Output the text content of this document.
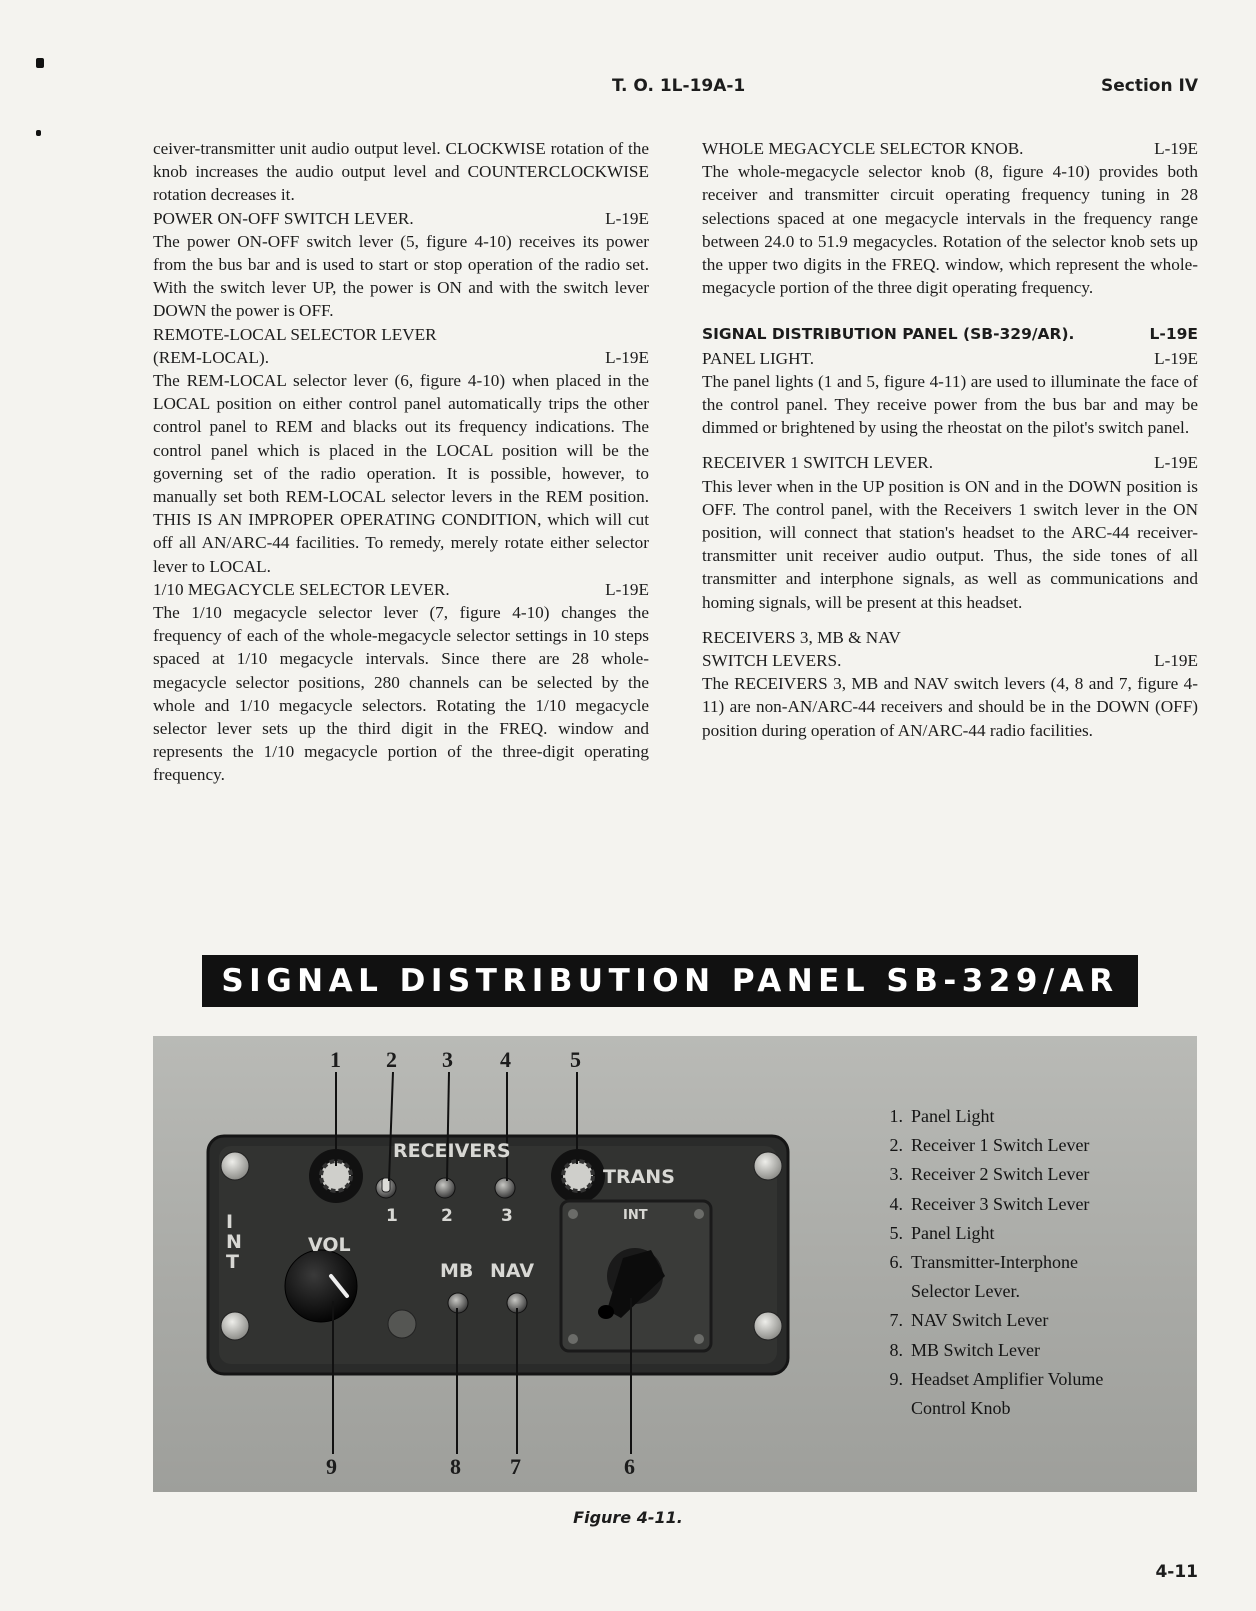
T. O. 1L-19A-1	Section IV

ceiver-transmitter unit audio output level. CLOCKWISE rotation of the knob increases the audio output level and COUNTERCLOCKWISE rotation decreases it.

POWER ON-OFF SWITCH LEVER.	L-19E

The power ON-OFF switch lever (5, figure 4-10) receives its power from the bus bar and is used to start or stop operation of the radio set. With the switch lever UP, the power is ON and with the switch lever DOWN the power is OFF.

REMOTE-LOCAL SELECTOR LEVER
(REM-LOCAL).	L-19E

The REM-LOCAL selector lever (6, figure 4-10) when placed in the LOCAL position on either control panel automatically trips the other control panel to REM and blacks out its frequency indications. The control panel which is placed in the LOCAL position will be the governing set of the radio operation. It is possible, however, to manually set both REM-LOCAL selector levers in the REM position. THIS IS AN IMPROPER OPERATING CONDITION, which will cut off all AN/ARC-44 facilities. To remedy, merely rotate either selector lever to LOCAL.

1/10 MEGACYCLE SELECTOR LEVER.	L-19E

The 1/10 megacycle selector lever (7, figure 4-10) changes the frequency of each of the whole-megacycle selector settings in 10 steps spaced at 1/10 megacycle intervals. Since there are 28 whole-megacycle selector positions, 280 channels can be selected by the whole and 1/10 megacycle selectors. Rotating the 1/10 megacycle selector lever sets up the third digit in the FREQ. window and represents the 1/10 megacycle portion of the three-digit operating frequency.

WHOLE MEGACYCLE SELECTOR KNOB.	L-19E

The whole-megacycle selector knob (8, figure 4-10) provides both receiver and transmitter circuit operating frequency tuning in 28 selections spaced at one megacycle intervals in the frequency range between 24.0 to 51.9 megacycles. Rotation of the selector knob sets up the upper two digits in the FREQ. window, which represent the whole-megacycle portion of the three digit operating frequency.

SIGNAL DISTRIBUTION PANEL (SB-329/AR).	L-19E
PANEL LIGHT.	L-19E

The panel lights (1 and 5, figure 4-11) are used to illuminate the face of the control panel. They receive power from the bus bar and may be dimmed or brightened by using the rheostat on the pilot's switch panel.

RECEIVER 1 SWITCH LEVER.	L-19E

This lever when in the UP position is ON and in the DOWN position is OFF. The control panel, with the Receivers 1 switch lever in the ON position, will connect that station's headset to the ARC-44 receiver-transmitter unit receiver audio output. Thus, the side tones of all transmitter and interphone signals, as well as communications and homing signals, will be present at this headset.

RECEIVERS 3, MB & NAV
SWITCH LEVERS.	L-19E

The RECEIVERS 3, MB and NAV switch levers (4, 8 and 7, figure 4-11) are non-AN/ARC-44 receivers and should be in the DOWN (OFF) position during operation of AN/ARC-44 radio facilities.

SIGNAL DISTRIBUTION PANEL SB-329/AR
RECEIVERS
TRANS
INT
INT
VOL
MB NAV
1	2	3
1 2 3 4	5
9	8 7	6
1. Panel Light
2. Receiver 1 Switch Lever
3. Receiver 2 Switch Lever
4. Receiver 3 Switch Lever
5. Panel Light
6. Transmitter-Interphone
Selector Lever.
7. NAV Switch Lever
8. MB Switch Lever
9. Headset Amplifier Volume
Control Knob
Figure 4-11.
4-11
